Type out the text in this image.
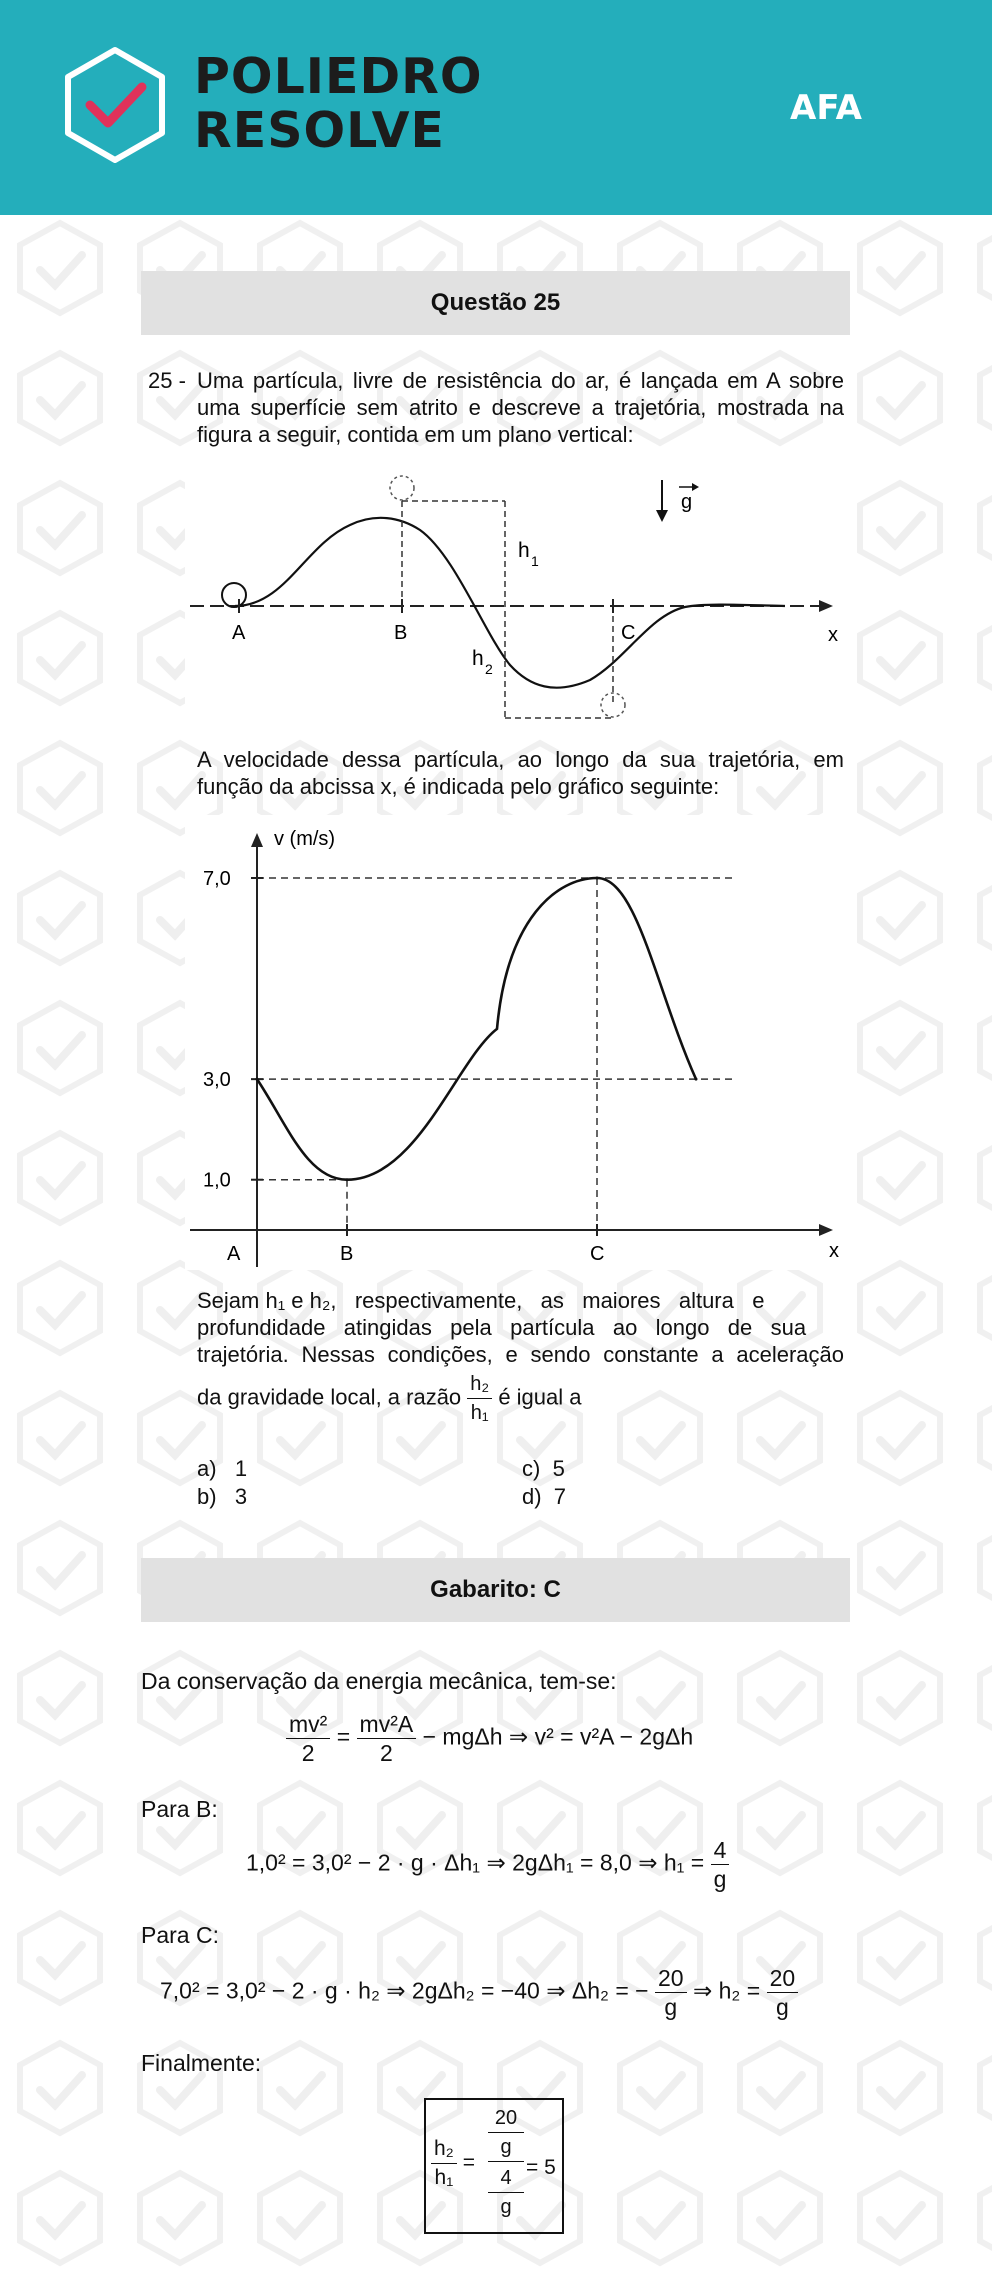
POLIEDRO
RESOLVE	AFA
Questão 25
25 - Uma partícula, livre de resistência do ar, é lançada em A sobre
uma superfície sem atrito e descreve a trajetória, mostrada na
figura a seguir, contida em um plano vertical:
A	B	C	x
h 1
h 2
g
A velocidade dessa partícula, ao longo da sua trajetória, em
função da abcissa x, é indicada pelo gráfico seguinte:
1,0
3,0
7,0
A	B	C
v (m/s)
x
Sejam h₁ e h₂,   respectivamente,   as   maiores   altura   e
profundidade   atingidas   pela   partícula   ao   longo   de   sua
trajetória. Nessas condições, e sendo constante a aceleração
da gravidade local, a razão $\frac{\text{h₂}}{\text{h₁}}$ é igual a
a) 1
b) 3
c) 5
d) 7
Gabarito: C
Da conservação da energia mecânica, tem-se:
$\frac{\text{mv²}}{2} = \frac{\text{mv²A}}{2} - mg\Delta h$ ⇒ v² = v²A − 2gΔh
Para B:
1,0² = 3,0² − 2 · g · Δh₁ ⇒ 2gΔh₁ = 8,0 ⇒ $h_1 = \frac{4}{g}$
Para C:
7,0² = 3,0² − 2 · g · h₂ ⇒ 2gΔh₂ = −40 ⇒ Δh₂ = − $\frac{20}{g}$ ⇒ $h_2 = \frac{20}{g}$
Finalmente:
$\frac{\text{h₂}}{\text{h₁}}$ =
$\frac{20}{g}$
$\frac{4}{g} = 5$
